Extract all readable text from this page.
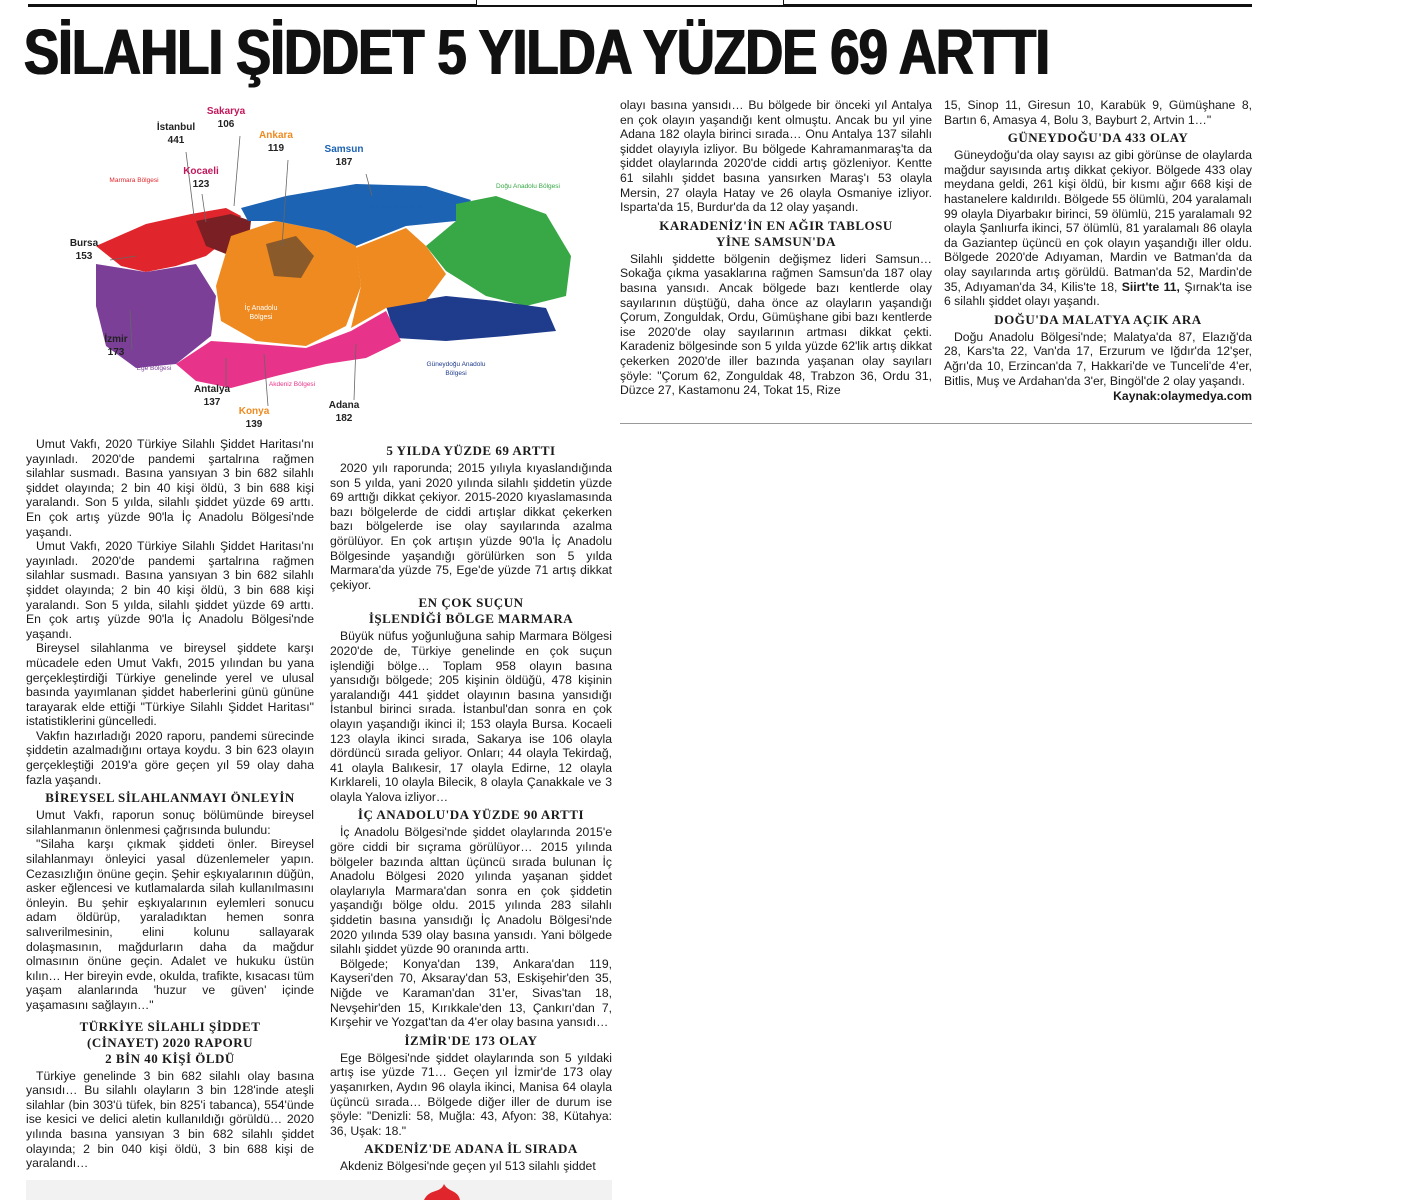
SİLAHLI ŞİDDET 5 YILDA YÜZDE 69 ARTTI
Sakarya
106
İstanbul
441
Kocaeli
123
Ankara
119	Samsun
187
Bursa
153
İzmir
173
Antalya
137
Konya
139
Adana
182
Marmara Bölgesi
Karadeniz Bölgesi
Doğu Anadolu Bölgesi
İç Anadolu
Bölgesi
Ege Bölgesi
Akdeniz Bölgesi
Güneydoğu Anadolu
Bölgesi

Umut Vakfı, 2020 Türkiye Silahlı Şiddet Haritası'nı yayınladı. 2020'de pandemi şartalrına rağmen silahlar susmadı. Basına yansıyan 3 bin 682 silahlı şiddet olayında; 2 bin 40 kişi öldü, 3 bin 688 kişi yaralandı. Son 5 yılda, silahlı şiddet yüzde 69 arttı. En çok artış yüzde 90'la İç Anadolu Bölgesi'nde yaşandı.

Umut Vakfı, 2020 Türkiye Silahlı Şiddet Haritası'nı yayınladı. 2020'de pandemi şartalrına rağmen silahlar susmadı. Basına yansıyan 3 bin 682 silahlı şiddet olayında; 2 bin 40 kişi öldü, 3 bin 688 kişi yaralandı. Son 5 yılda, silahlı şiddet yüzde 69 arttı. En çok artış yüzde 90'la İç Anadolu Bölgesi'nde yaşandı.

Bireysel silahlanma ve bireysel şiddete karşı mücadele eden Umut Vakfı, 2015 yılından bu yana gerçekleştirdiği Türkiye genelinde yerel ve ulusal basında yayımlanan şiddet haberlerini günü gününe tarayarak elde ettiği "Türkiye Silahlı Şiddet Haritası" istatistiklerini güncelledi.

Vakfın hazırladığı 2020 raporu, pandemi sürecinde şiddetin azalmadığını ortaya koydu. 3 bin 623 olayın gerçekleştiği 2019'a göre geçen yıl 59 olay daha fazla yaşandı.

BİREYSEL SİLAHLANMAYI ÖNLEYİN

Umut Vakfı, raporun sonuç bölümünde bireysel silahlanmanın önlenmesi çağrısında bulundu:

"Silaha karşı çıkmak şiddeti önler. Bireysel silahlanmayı önleyici yasal düzenlemeler yapın. Cezasızlığın önüne geçin. Şehir eşkıyalarının düğün, asker eğlencesi ve kutlamalarda silah kullanılmasını önleyin. Bu şehir eşkıyalarının eylemleri sonucu adam öldürüp, yaraladıktan hemen sonra salıverilmesinin, elini kolunu sallayarak dolaşmasının, mağdurların daha da mağdur olmasının önüne geçin. Adalet ve hukuku üstün kılın… Her bireyin evde, okulda, trafikte, kısacası tüm yaşam alanlarında 'huzur ve güven' içinde yaşamasını sağlayın…"

TÜRKİYE SİLAHLI ŞİDDET
(CİNAYET) 2020 RAPORU
2 BİN 40 KİŞİ ÖLDÜ

Türkiye genelinde 3 bin 682 silahlı olay basına yansıdı… Bu silahlı olayların 3 bin 128'inde ateşli silahlar (bin 303'ü tüfek, bin 825'i tabanca), 554'ünde ise kesici ve delici aletin kullanıldığı görüldü… 2020 yılında basına yansıyan 3 bin 682 silahlı şiddet olayında; 2 bin 040 kişi öldü, 3 bin 688 kişi de yaralandı…

5 YILDA YÜZDE 69 ARTTI

2020 yılı raporunda; 2015 yılıyla kıyaslandığında son 5 yılda, yani 2020 yılında silahlı şiddetin yüzde 69 arttığı dikkat çekiyor. 2015-2020 kıyaslamasında bazı bölgelerde de ciddi artışlar dikkat çekerken bazı bölgelerde ise olay sayılarında azalma görülüyor. En çok artışın yüzde 90'la İç Anadolu Bölgesinde yaşandığı görülürken son 5 yılda Marmara'da yüzde 75, Ege'de yüzde 71 artış dikkat çekiyor.

EN ÇOK SUÇUN
İŞLENDİĞİ BÖLGE MARMARA

Büyük nüfus yoğunluğuna sahip Marmara Bölgesi 2020'de de, Türkiye genelinde en çok suçun işlendiği bölge… Toplam 958 olayın basına yansıdığı bölgede; 205 kişinin öldüğü, 478 kişinin yaralandığı 441 şiddet olayının basına yansıdığı İstanbul birinci sırada. İstanbul'dan sonra en çok olayın yaşandığı ikinci il; 153 olayla Bursa. Kocaeli 123 olayla ikinci sırada, Sakarya ise 106 olayla dördüncü sırada geliyor. Onları; 44 olayla Tekirdağ, 41 olayla Balıkesir, 17 olayla Edirne, 12 olayla Kırklareli, 10 olayla Bilecik, 8 olayla Çanakkale ve 3 olayla Yalova izliyor…

İÇ ANADOLU'DA YÜZDE 90 ARTTI

İç Anadolu Bölgesi'nde şiddet olaylarında 2015'e göre ciddi bir sıçrama görülüyor… 2015 yılında bölgeler bazında alttan üçüncü sırada bulunan İç Anadolu Bölgesi 2020 yılında yaşanan şiddet olaylarıyla Marmara'dan sonra en çok şiddetin yaşandığı bölge oldu. 2015 yılında 283 silahlı şiddetin basına yansıdığı İç Anadolu Bölgesi'nde 2020 yılında 539 olay basına yansıdı. Yani bölgede silahlı şiddet yüzde 90 oranında arttı.

Bölgede; Konya'dan 139, Ankara'dan 119, Kayseri'den 70, Aksaray'dan 53, Eskişehir'den 35, Niğde ve Karaman'dan 31'er, Sivas'tan 18, Nevşehir'den 15, Kırıkkale'den 13, Çankırı'dan 7, Kırşehir ve Yozgat'tan da 4'er olay basına yansıdı…

İZMİR'DE 173 OLAY

Ege Bölgesi'nde şiddet olaylarında son 5 yıldaki artış ise yüzde 71… Geçen yıl İzmir'de 173 olay yaşanırken, Aydın 96 olayla ikinci, Manisa 64 olayla üçüncü sırada… Bölgede diğer iller de durum ise şöyle: "Denizli: 58, Muğla: 43, Afyon: 38, Kütahya: 36, Uşak: 18."

AKDENİZ'DE ADANA İL SIRADA

Akdeniz Bölgesi'nde geçen yıl 513 silahlı şiddet

olayı basına yansıdı… Bu bölgede bir önceki yıl Antalya en çok olayın yaşandığı kent olmuştu. Ancak bu yıl yine Adana 182 olayla birinci sırada… Onu Antalya 137 silahlı şiddet olayıyla izliyor. Bu bölgede Kahramanmaraş'ta da şiddet olaylarında 2020'de ciddi artış gözleniyor. Kentte 61 silahlı şiddet basına yansırken Maraş'ı 53 olayla Mersin, 27 olayla Hatay ve 26 olayla Osmaniye izliyor. Isparta'da 15, Burdur'da da 12 olay yaşandı.

KARADENİZ'İN EN AĞIR TABLOSU
YİNE SAMSUN'DA

Silahlı şiddette bölgenin değişmez lideri Samsun… Sokağa çıkma yasaklarına rağmen Samsun'da 187 olay basına yansıdı. Ancak bölgede bazı kentlerde olay sayılarının düştüğü, daha önce az olayların yaşandığı Çorum, Zonguldak, Ordu, Gümüşhane gibi bazı kentlerde ise 2020'de olay sayılarının artması dikkat çekti. Karadeniz bölgesinde son 5 yılda yüzde 62'lik artış dikkat çekerken 2020'de iller bazında yaşanan olay sayıları şöyle: "Çorum 62, Zonguldak 48, Trabzon 36, Ordu 31, Düzce 27, Kastamonu 24, Tokat 15, Rize

15, Sinop 11, Giresun 10, Karabük 9, Gümüşhane 8, Bartın 6, Amasya 4, Bolu 3, Bayburt 2, Artvin 1…"

GÜNEYDOĞU'DA 433 OLAY

Güneydoğu'da olay sayısı az gibi görünse de olaylarda mağdur sayısında artış dikkat çekiyor. Bölgede 433 olay meydana geldi, 261 kişi öldü, bir kısmı ağır 668 kişi de hastanelere kaldırıldı. Bölgede 55 ölümlü, 204 yaralamalı 99 olayla Diyarbakır birinci, 59 ölümlü, 215 yaralamalı 92 olayla Şanlıurfa ikinci, 57 ölümlü, 81 yaralamalı 86 olayla da Gaziantep üçüncü en çok olayın yaşandığı iller oldu. Bölgede 2020'de Adıyaman, Mardin ve Batman'da da olay sayılarında artış görüldü. Batman'da 52, Mardin'de 35, Adıyaman'da 34, Kilis'te 18, Siirt'te 11, Şırnak'ta ise 6 silahlı şiddet olayı yaşandı.

DOĞU'DA MALATYA AÇIK ARA

Doğu Anadolu Bölgesi'nde; Malatya'da 87, Elazığ'da 28, Kars'ta 22, Van'da 17, Erzurum ve Iğdır'da 12'şer, Ağrı'da 10, Erzincan'da 7, Hakkari'de ve Tunceli'de 4'er, Bitlis, Muş ve Ardahan'da 3'er, Bingöl'de 2 olay yaşandı.

Kaynak:olaymedya.com
